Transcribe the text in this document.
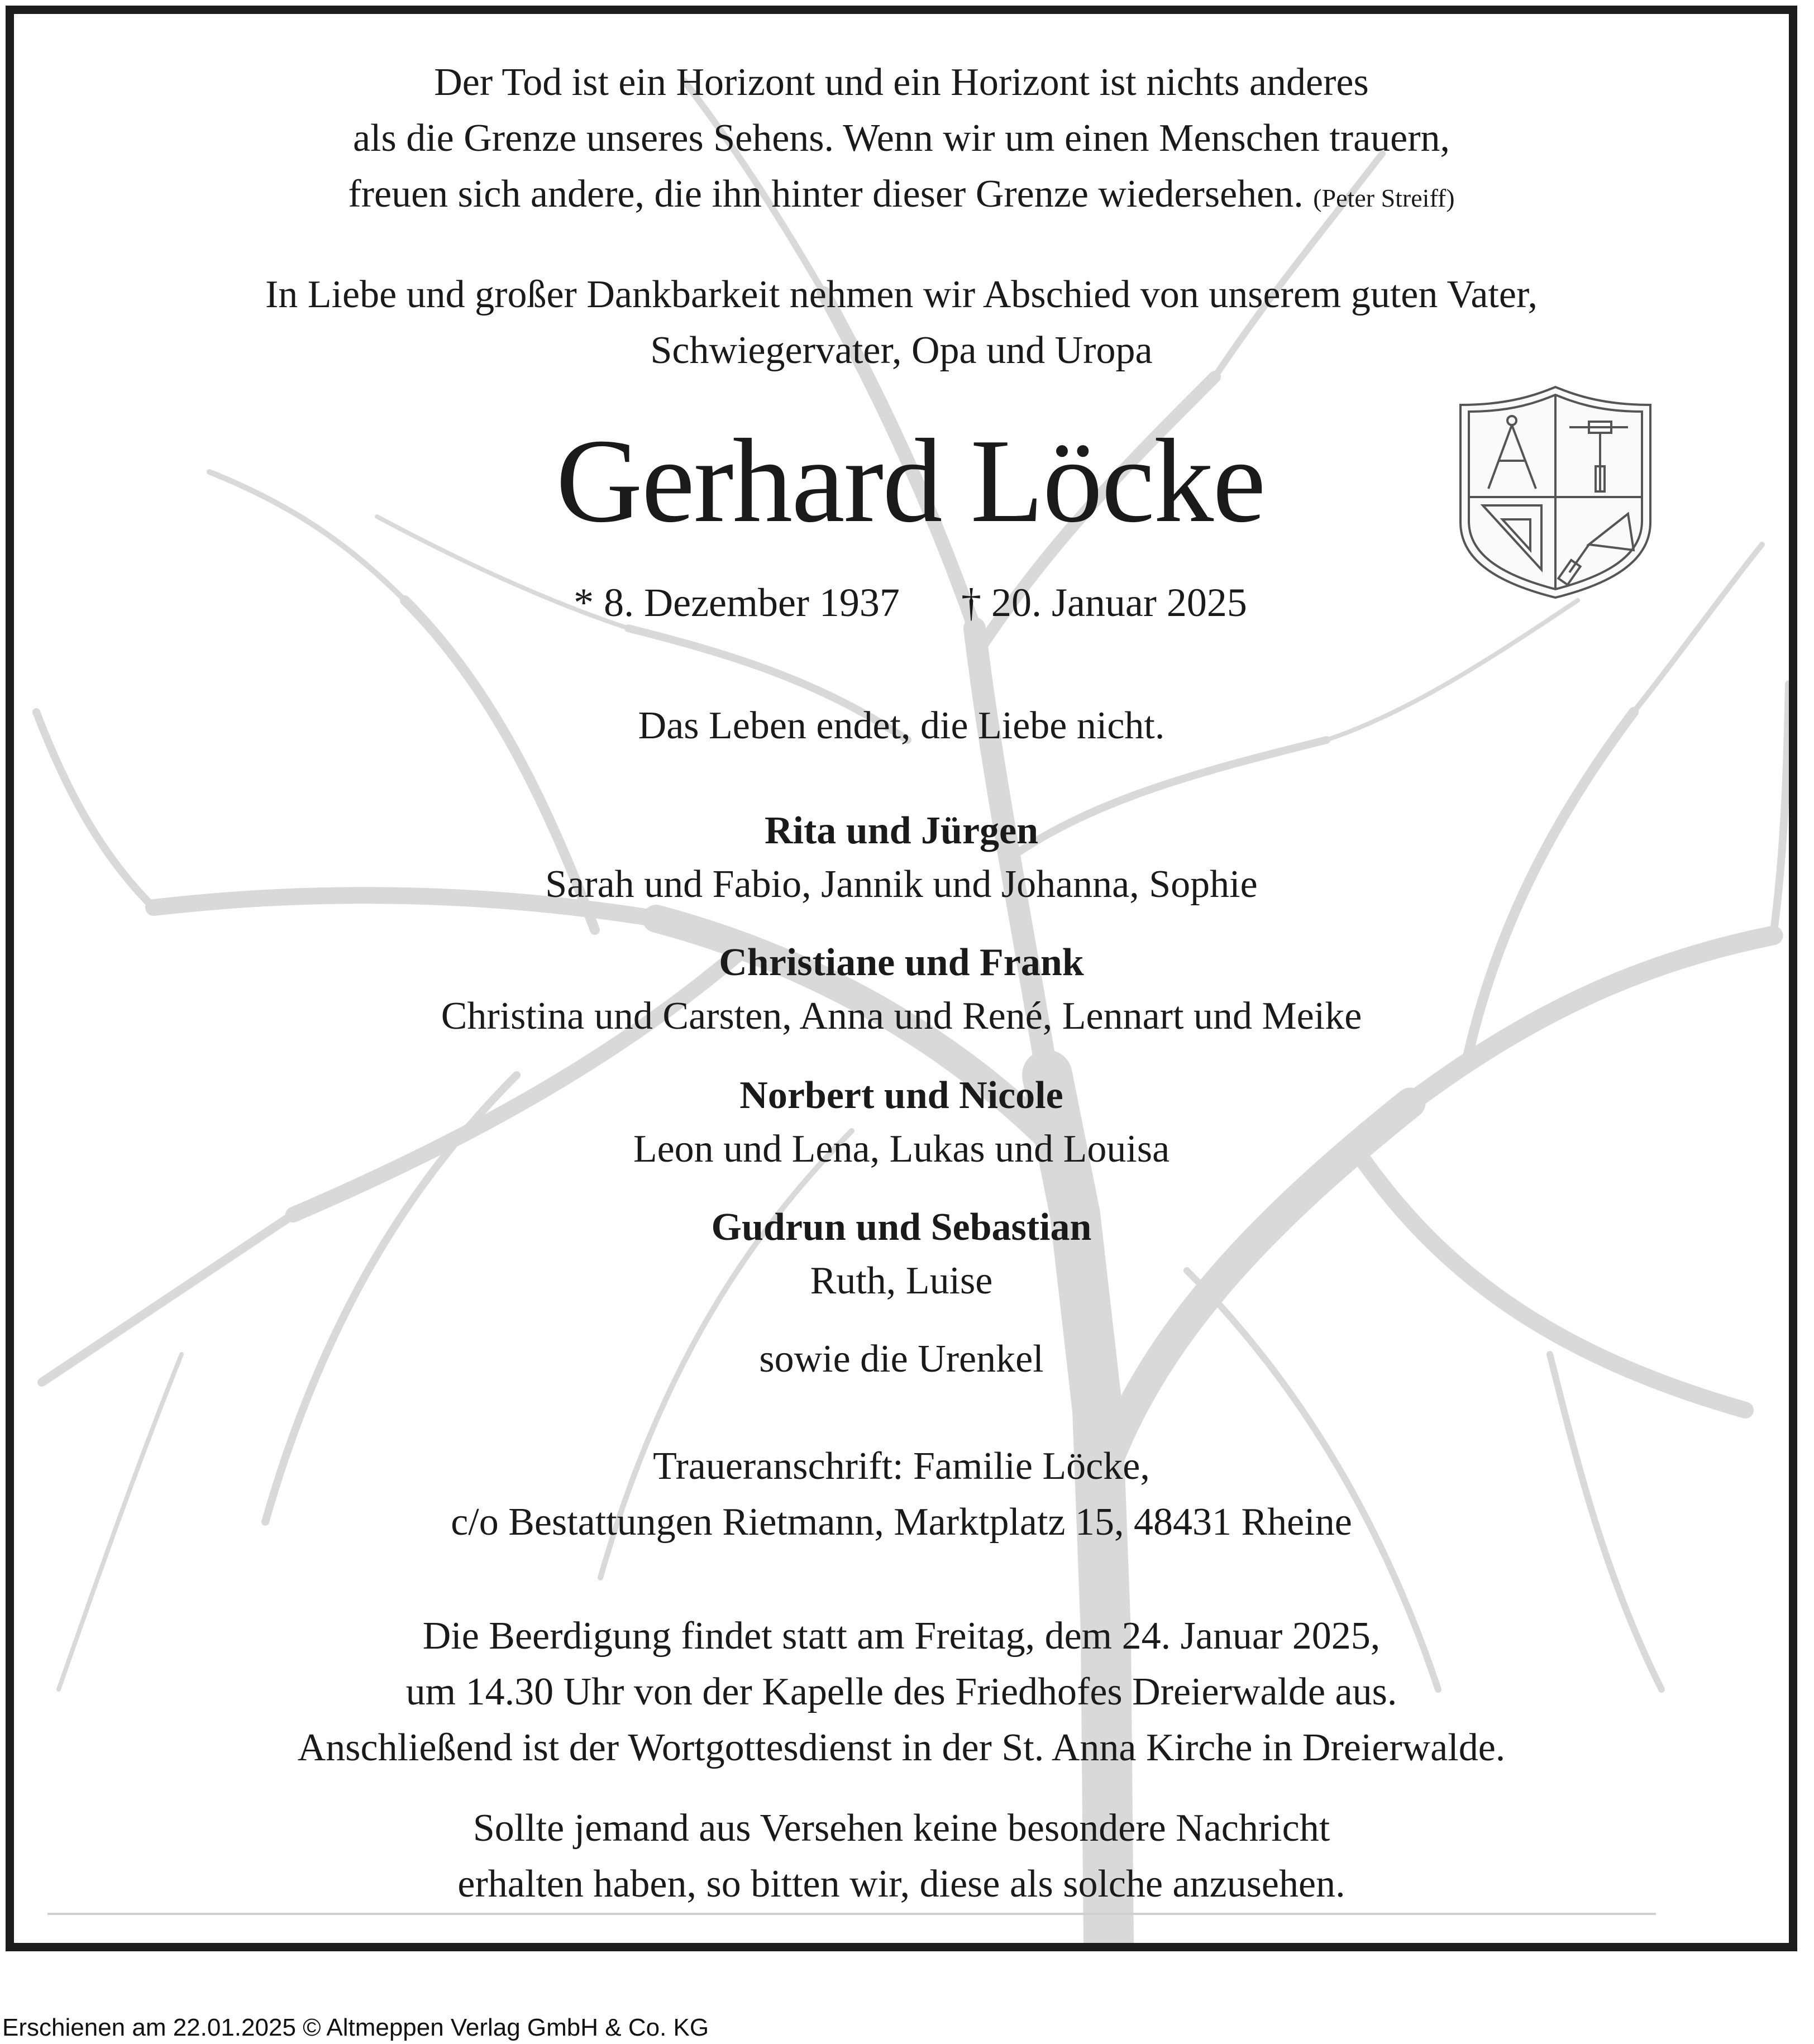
Der Tod ist ein Horizont und ein Horizont ist nichts anderes
als die Grenze unseres Sehens. Wenn wir um einen Menschen trauern,
freuen sich andere, die ihn hinter dieser Grenze wiedersehen. (Peter Streiff)
In Liebe und großer Dankbarkeit nehmen wir Abschied von unserem guten Vater,
Schwiegervater, Opa und Uropa
Gerhard Löcke
* 8. Dezember 1937 † 20. Januar 2025
Das Leben endet, die Liebe nicht.
Rita und Jürgen
Sarah und Fabio, Jannik und Johanna, Sophie
Christiane und Frank
Christina und Carsten, Anna und René, Lennart und Meike
Norbert und Nicole
Leon und Lena, Lukas und Louisa
Gudrun und Sebastian
Ruth, Luise
sowie die Urenkel
Traueranschrift: Familie Löcke,
c/o Bestattungen Rietmann, Marktplatz 15, 48431 Rheine
Die Beerdigung findet statt am Freitag, dem 24. Januar 2025,
um 14.30 Uhr von der Kapelle des Friedhofes Dreierwalde aus.
Anschließend ist der Wortgottesdienst in der St. Anna Kirche in Dreierwalde.
Sollte jemand aus Versehen keine besondere Nachricht
erhalten haben, so bitten wir, diese als solche anzusehen.
Erschienen am 22.01.2025 © Altmeppen Verlag GmbH & Co. KG
